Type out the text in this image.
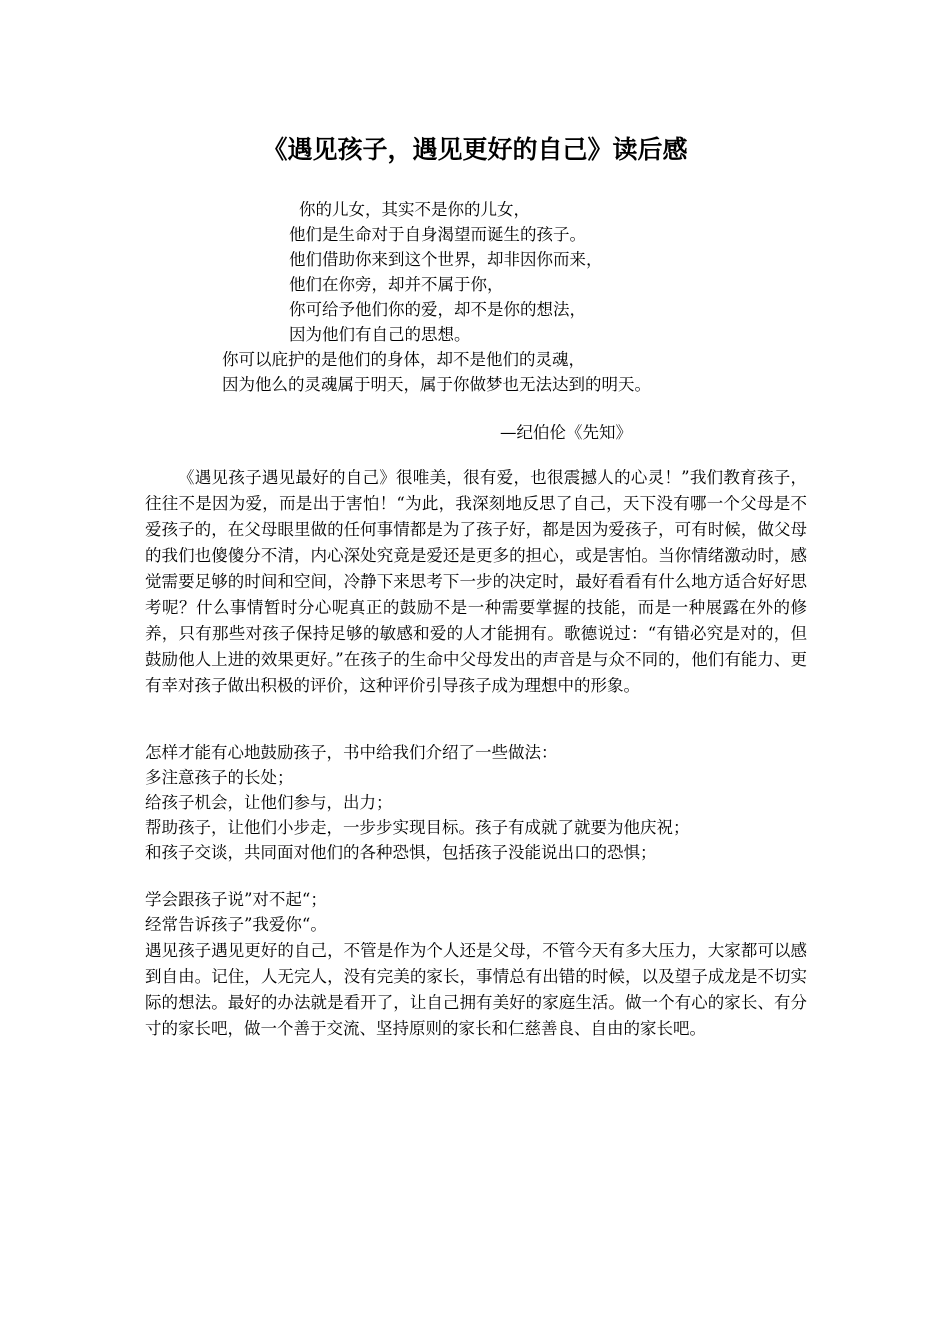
《遇见孩子，遇见更好的自己》读后感
你的儿女，其实不是你的儿女，
他们是生命对于自身渴望而诞生的孩子。
他们借助你来到这个世界，却非因你而来，
他们在你旁，却并不属于你，
你可给予他们你的爱，却不是你的想法，
因为他们有自己的思想。
你可以庇护的是他们的身体，却不是他们的灵魂，
因为他么的灵魂属于明天，属于你做梦也无法达到的明天。
—纪伯伦《先知》
《遇见孩子遇见最好的自己》很唯美，很有爱，也很震撼人的心灵！”我们教育孩子，往往不是因为爱，而是出于害怕！“为此，我深刻地反思了自己，天下没有哪一个父母是不爱孩子的，在父母眼里做的任何事情都是为了孩子好，都是因为爱孩子，可有时候，做父母的我们也傻傻分不清，内心深处究竟是爱还是更多的担心，或是害怕。当你情绪激动时，感觉需要足够的时间和空间，冷静下来思考下一步的决定时，最好看看有什么地方适合好好思考呢？什么事情暂时分心呢真正的鼓励不是一种需要掌握的技能，而是一种展露在外的修养，只有那些对孩子保持足够的敏感和爱的人才能拥有。歌德说过：“有错必究是对的，但鼓励他人上进的效果更好。”在孩子的生命中父母发出的声音是与众不同的，他们有能力、更有幸对孩子做出积极的评价，这种评价引导孩子成为理想中的形象。
怎样才能有心地鼓励孩子，书中给我们介绍了一些做法：
多注意孩子的长处；
给孩子机会，让他们参与，出力；
帮助孩子，让他们小步走，一步步实现目标。孩子有成就了就要为他庆祝；
和孩子交谈，共同面对他们的各种恐惧，包括孩子没能说出口的恐惧；
学会跟孩子说”对不起“；
经常告诉孩子”我爱你“。
遇见孩子遇见更好的自己，不管是作为个人还是父母，不管今天有多大压力，大家都可以感到自由。记住，人无完人，没有完美的家长，事情总有出错的时候，以及望子成龙是不切实际的想法。最好的办法就是看开了，让自己拥有美好的家庭生活。做一个有心的家长、有分寸的家长吧，做一个善于交流、坚持原则的家长和仁慈善良、自由的家长吧。
